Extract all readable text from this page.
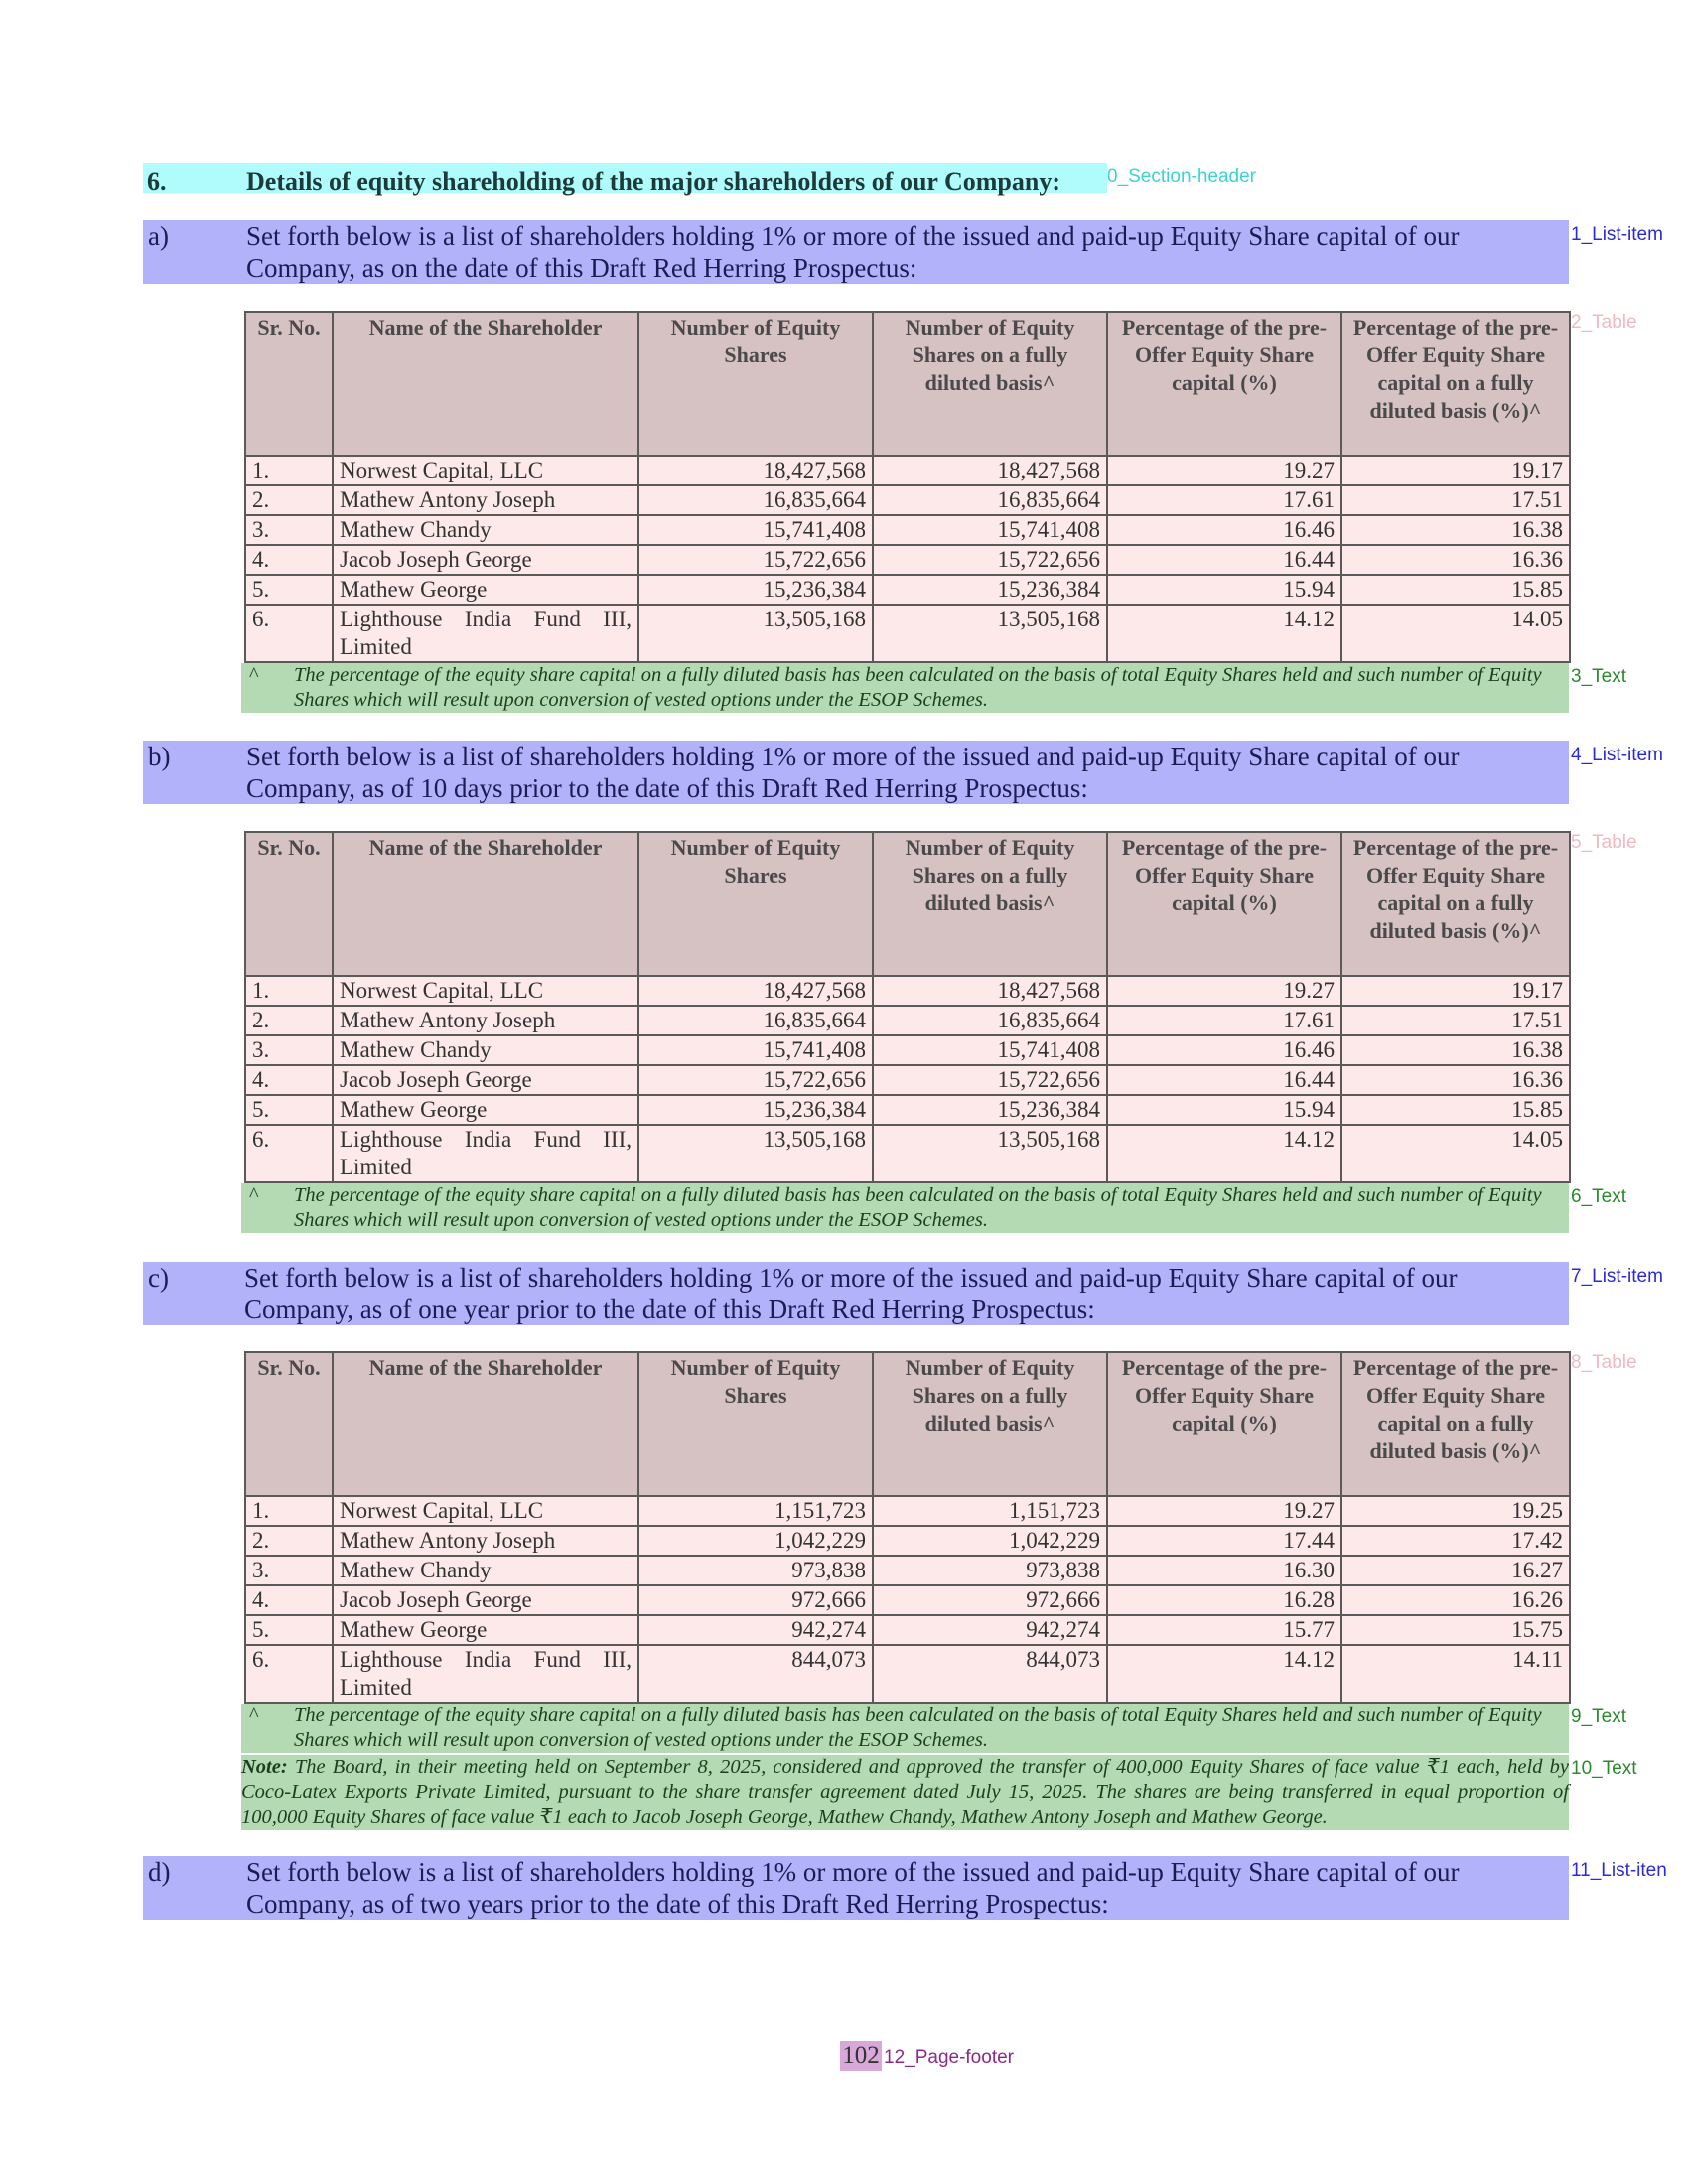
6.	Details of equity shareholding of the major shareholders of our Company: 0_Section-header
a)	Set forth below is a list of shareholders holding 1% or more of the issued and paid-up Equity Share capital of our Company, as on the date of this Draft Red Herring Prospectus:
1_List-item
Sr. No.	Name of the Shareholder	Number of Equity Shares	Number of Equity Shares on a fully diluted basis^	Percentage of the pre- Offer Equity Share capital (%)	Percentage of the pre- Offer Equity Share capital on a fully diluted basis (%)^
1.	Norwest Capital, LLC	18,427,568	18,427,568	19.27	19.17
2.	Mathew Antony Joseph	16,835,664	16,835,664	17.61	17.51
3.	Mathew Chandy	15,741,408	15,741,408	16.46	16.38
4.	Jacob Joseph George	15,722,656	15,722,656	16.44	16.36
5.	Mathew George	15,236,384	15,236,384	15.94	15.85
6.	Lighthouse India Fund III, Limited	13,505,168	13,505,168	14.12	14.05
2_Table
^ The percentage of the equity share capital on a fully diluted basis has been calculated on the basis of total Equity Shares held and such number of Equity Shares which will result upon conversion of vested options under the ESOP Schemes.
3_Text
b)	Set forth below is a list of shareholders holding 1% or more of the issued and paid-up Equity Share capital of our Company, as of 10 days prior to the date of this Draft Red Herring Prospectus:
4_List-item
Sr. No.	Name of the Shareholder	Number of Equity Shares	Number of Equity Shares on a fully diluted basis^	Percentage of the pre- Offer Equity Share capital (%)	Percentage of the pre- Offer Equity Share capital on a fully diluted basis (%)^
1.	Norwest Capital, LLC	18,427,568	18,427,568	19.27	19.17
2.	Mathew Antony Joseph	16,835,664	16,835,664	17.61	17.51
3.	Mathew Chandy	15,741,408	15,741,408	16.46	16.38
4.	Jacob Joseph George	15,722,656	15,722,656	16.44	16.36
5.	Mathew George	15,236,384	15,236,384	15.94	15.85
6.	Lighthouse India Fund III, Limited	13,505,168	13,505,168	14.12	14.05
5_Table
^ The percentage of the equity share capital on a fully diluted basis has been calculated on the basis of total Equity Shares held and such number of Equity Shares which will result upon conversion of vested options under the ESOP Schemes.
6_Text
c)	Set forth below is a list of shareholders holding 1% or more of the issued and paid-up Equity Share capital of our Company, as of one year prior to the date of this Draft Red Herring Prospectus:
7_List-item
Sr. No.	Name of the Shareholder	Number of Equity Shares	Number of Equity Shares on a fully diluted basis^	Percentage of the pre- Offer Equity Share capital (%)	Percentage of the pre- Offer Equity Share capital on a fully diluted basis (%)^
1.	Norwest Capital, LLC	1,151,723	1,151,723	19.27	19.25
2.	Mathew Antony Joseph	1,042,229	1,042,229	17.44	17.42
3.	Mathew Chandy	973,838	973,838	16.30	16.27
4.	Jacob Joseph George	972,666	972,666	16.28	16.26
5.	Mathew George	942,274	942,274	15.77	15.75
6.	Lighthouse India Fund III, Limited	844,073	844,073	14.12	14.11
8_Table
^ The percentage of the equity share capital on a fully diluted basis has been calculated on the basis of total Equity Shares held and such number of Equity Shares which will result upon conversion of vested options under the ESOP Schemes.
9_Text
Note: The Board, in their meeting held on September 8, 2025, considered and approved the transfer of 400,000 Equity Shares of face value ₹1 each, held by Coco-Latex Exports Private Limited, pursuant to the share transfer agreement dated July 15, 2025. The shares are being transferred in equal proportion of 100,000 Equity Shares of face value ₹1 each to Jacob Joseph George, Mathew Chandy, Mathew Antony Joseph and Mathew George.
10_Text
d)	Set forth below is a list of shareholders holding 1% or more of the issued and paid-up Equity Share capital of our Company, as of two years prior to the date of this Draft Red Herring Prospectus:
11_List-iten
102 12_Page-footer
